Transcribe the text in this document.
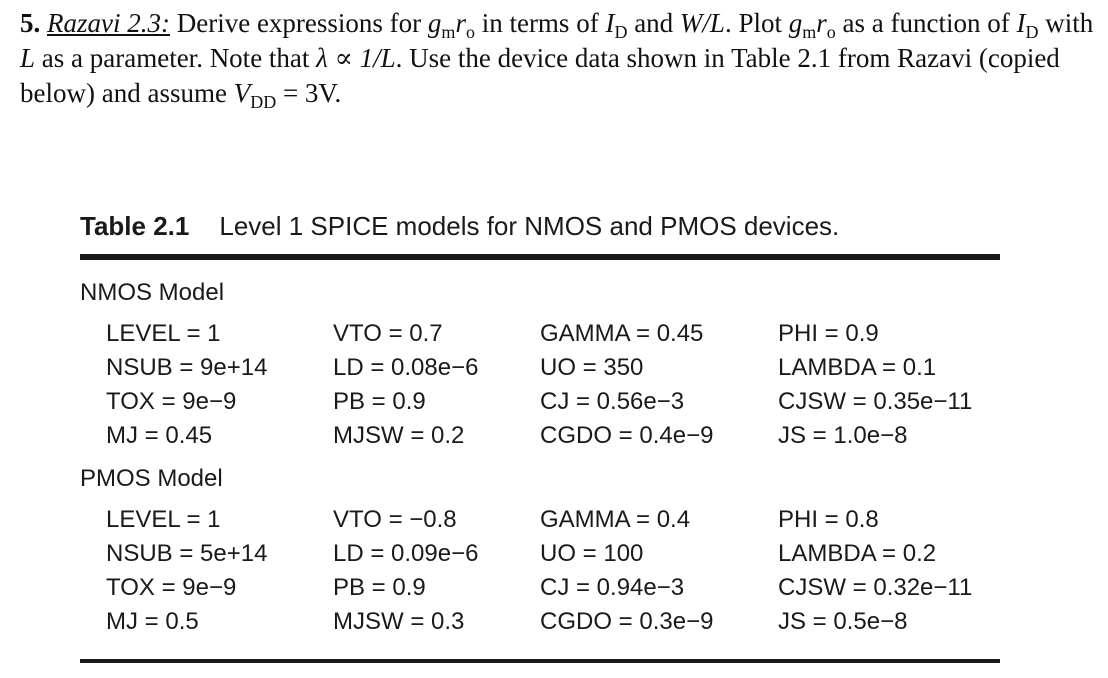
5. Razavi 2.3: Derive expressions for $g_mr_o$ in terms of $I_D$ and W/L. Plot $g_mr_o$ as a function of $I_D$ with L as a parameter. Note that λ ∝ 1/L. Use the device data shown in Table 2.1 from Razavi (copied below) and assume $V_{DD} = 3V$.

Table 2.1 Level 1 SPICE models for NMOS and PMOS devices.
NMOS Model
LEVEL = 1	VTO = 0.7	GAMMA = 0.45	PHI = 0.9
NSUB = 9e+14	LD = 0.08e−6	UO = 350	LAMBDA = 0.1
TOX = 9e−9	PB = 0.9	CJ = 0.56e−3	CJSW = 0.35e−11
MJ = 0.45	MJSW = 0.2	CGDO = 0.4e−9	JS = 1.0e−8
PMOS Model
LEVEL = 1	VTO = −0.8	GAMMA = 0.4	PHI = 0.8
NSUB = 5e+14	LD = 0.09e−6	UO = 100	LAMBDA = 0.2
TOX = 9e−9	PB = 0.9	CJ = 0.94e−3	CJSW = 0.32e−11
MJ = 0.5	MJSW = 0.3	CGDO = 0.3e−9	JS = 0.5e−8
